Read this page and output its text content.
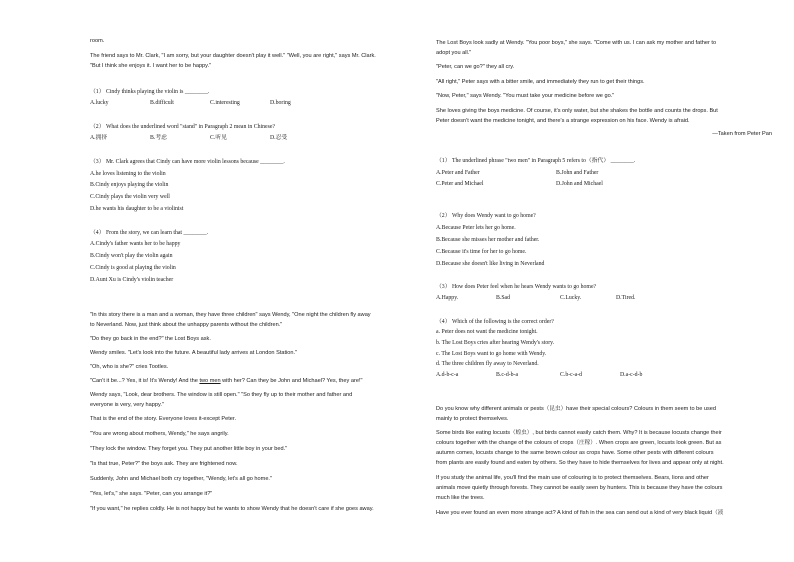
room.
The friend says to Mr. Clark, "I am sorry, but your daughter doesn't play it well." "Well, you are right," says Mr. Clark.
"But I think she enjoys it. I want her to be happy."
（1） Cindy thinks playing the violin is ________.
A.lucky	B.difficult	C.interesting	D.boring
（2） What does the underlined word "stand" in Paragraph 2 mean in Chinese?
A.拥挤	B.考虑	C.听见	D.忍受
（3） Mr. Clark agrees that Cindy can have more violin lessons because ________.
A.he loves listening to the violin
B.Cindy enjoys playing the violin
C.Cindy plays the violin very well
D.he wants his daughter to be a violinist
（4） From the story, we can learn that ________.
A.Cindy's father wants her to be happy
B.Cindy won't play the violin again
C.Cindy is good at playing the violin
D.Aunt Xu is Cindy's violin teacher
"In this story there is a man and a woman, they have three children" says Wendy, "One night the children fly away
to Neverland. Now, just think about the unhappy parents without the children."
"Do they go back in the end?" the Lost Boys ask.
Wendy smiles. "Let's look into the future. A beautiful lady arrives at London Station."
"Oh, who is she?" cries Tootles.
"Can't it be...? Yes, it is! It's Wendy! And the two men with her? Can they be John and Michael? Yes, they are!"
Wendy says, "Look, dear brothers. The window is still open." "So they fly up to their mother and father and
everyone is very, very happy."
That is the end of the story. Everyone loves it-except Peter.
"You are wrong about mothers, Wendy," he says angrily.
"They lock the window. They forget you. They put another little boy in your bed."
"Is that true, Peter?" the boys ask. They are frightened now.
Suddenly, John and Michael both cry together, "Wendy, let's all go home."
"Yes, let's," she says. "Peter, can you arrange it?"
"If you want," he replies coldly. He is not happy but he wants to show Wendy that he doesn't care if she goes away.
The Lost Boys look sadly at Wendy. "You poor boys," she says. "Come with us. I can ask my mother and father to
adopt you all."
"Peter, can we go?" they all cry.
"All right," Peter says with a bitter smile, and immediately they run to get their things.
"Now, Peter," says Wendy. "You must take your medicine before we go."
She loves giving the boys medicine. Of course, it's only water, but she shakes the bottle and counts the drops. But
Peter doesn't want the medicine tonight, and there's a strange expression on his face. Wendy is afraid.
—Taken from Peter Pan
（1） The underlined phrase "two men" in Paragraph 5 refers to（指代） ________.
A.Peter and Father	B.John and Father
C.Peter and Michael	D.John and Michael
（2） Why does Wendy want to go home?
A.Because Peter lets her go home.
B.Because she misses her mother and father.
C.Because it's time for her to go home.
D.Because she doesn't like living in Neverland
（3） How does Peter feel when he hears Wendy wants to go home?
A.Happy.	B.Sad	C.Lucky.	D.Tired.
（4） Which of the following is the correct order?
a. Peter does not want the medicine tonight.
b. The Lost Boys cries after hearing Wendy's story.
c. The Lost Boys want to go home with Wendy.
d. The three children fly away to Neverland.
A.d-b-c-a	B.c-d-b-a	C.b-c-a-d	D.a-c-d-b
Do you know why different animals or pests（昆虫）have their special colours? Colours in them seem to be used
mainly to protect themselves.
Some birds like eating locusts（蝗虫）, but birds cannot easily catch them. Why? It is because locusts change their
colours together with the change of the colours of crops（庄稼）. When crops are green, locusts look green. But as
autumn comes, locusts change to the same brown colour as crops have. Some other pests with different colours
from plants are easily found and eaten by others. So they have to hide themselves for lives and appear only at night.
If you study the animal life, you'll find the main use of colouring is to protect themselves. Bears, lions and other
animals move quietly through forests. They cannot be easily seen by hunters. This is because they have the colours
much like the trees.
Have you ever found an even more strange act? A kind of fish in the sea can send out a kind of very black liquid（液
